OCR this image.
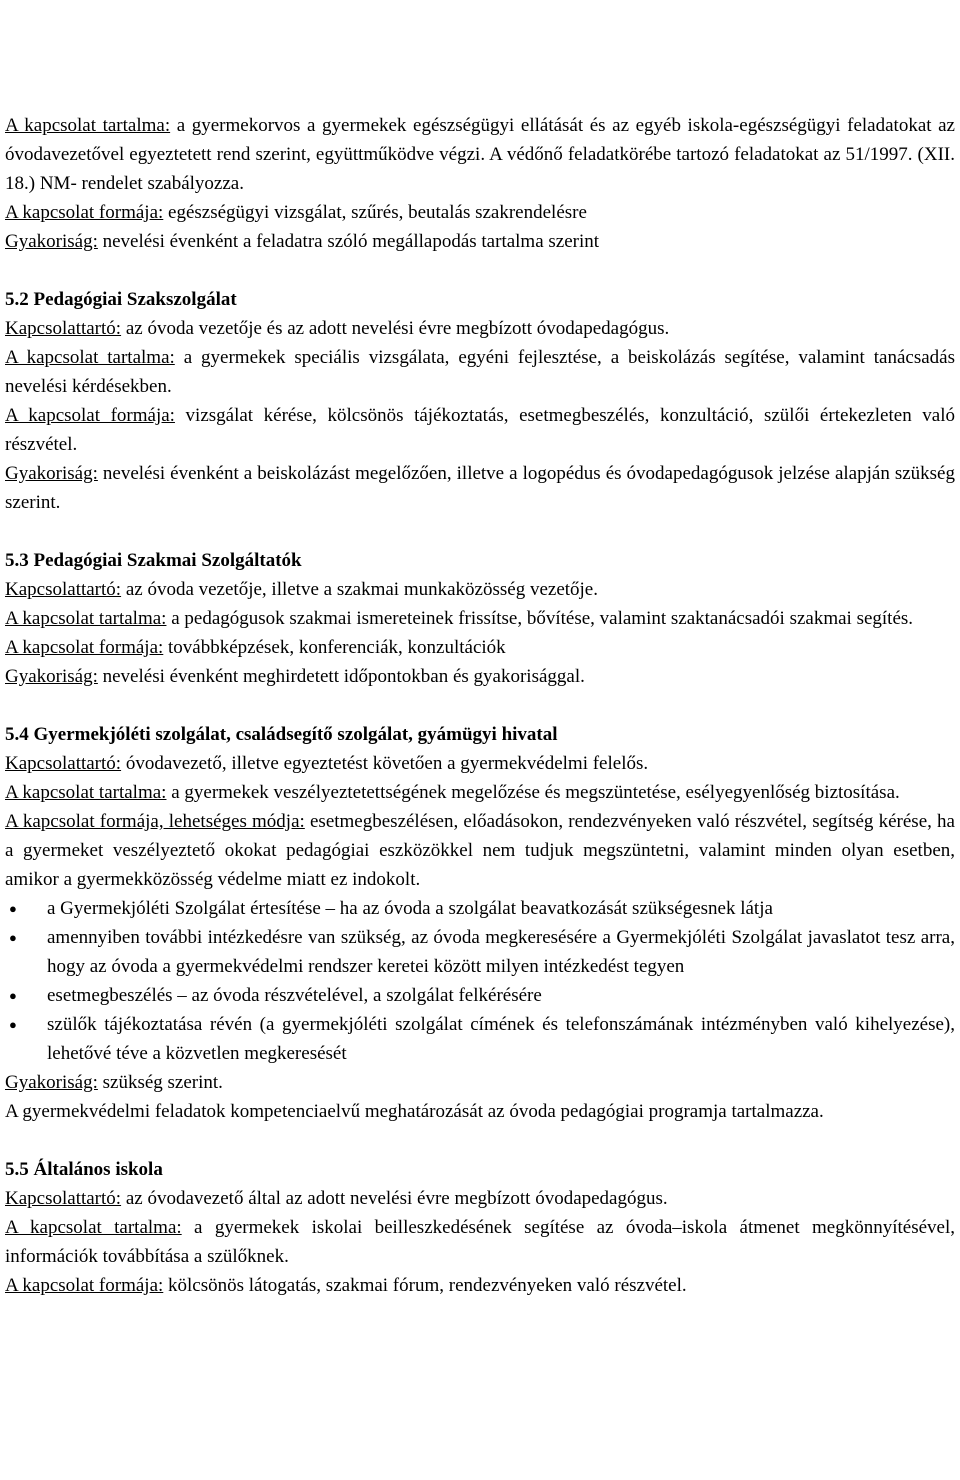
Szervezeti és Működési Szabályzat
Aszódi Napsugár Óvoda
OM:032834

A kapcsolat tartalma: a gyermekorvos a gyermekek egészségügyi ellátását és az egyéb iskola-egészségügyi feladatokat az óvodavezetővel egyeztetett rend szerint, együttműködve végzi. A védőnő feladatkörébe tartozó feladatokat az 51/1997. (XII. 18.) NM- rendelet szabályozza.

A kapcsolat formája: egészségügyi vizsgálat, szűrés, beutalás szakrendelésre

Gyakoriság: nevelési évenként a feladatra szóló megállapodás tartalma szerint

5.2 Pedagógiai Szakszolgálat

Kapcsolattartó: az óvoda vezetője és az adott nevelési évre megbízott óvodapedagógus.

A kapcsolat tartalma: a gyermekek speciális vizsgálata, egyéni fejlesztése, a beiskolázás segítése, valamint tanácsadás nevelési kérdésekben.

A kapcsolat formája: vizsgálat kérése, kölcsönös tájékoztatás, esetmegbeszélés, konzultáció, szülői értekezleten való részvétel.

Gyakoriság: nevelési évenként a beiskolázást megelőzően, illetve a logopédus és óvodapedagógusok jelzése alapján szükség szerint.

5.3 Pedagógiai Szakmai Szolgáltatók

Kapcsolattartó: az óvoda vezetője, illetve a szakmai munkaközösség vezetője.

A kapcsolat tartalma: a pedagógusok szakmai ismereteinek frissítse, bővítése, valamint szaktanácsadói szakmai segítés.

A kapcsolat formája: továbbképzések, konferenciák, konzultációk

Gyakoriság: nevelési évenként meghirdetett időpontokban és gyakorisággal.

5.4 Gyermekjóléti szolgálat, családsegítő szolgálat, gyámügyi hivatal

Kapcsolattartó: óvodavezető, illetve egyeztetést követően a gyermekvédelmi felelős.

A kapcsolat tartalma: a gyermekek veszélyeztetettségének megelőzése és megszüntetése, esélyegyenlőség biztosítása.

A kapcsolat formája, lehetséges módja: esetmegbeszélésen, előadásokon, rendezvényeken való részvétel, segítség kérése, ha a gyermeket veszélyeztető okokat pedagógiai eszközökkel nem tudjuk megszüntetni, valamint minden olyan esetben, amikor a gyermekközösség védelme miatt ez indokolt.

● a Gyermekjóléti Szolgálat értesítése – ha az óvoda a szolgálat beavatkozását szükségesnek látja
● amennyiben további intézkedésre van szükség, az óvoda megkeresésére a Gyermekjóléti Szolgálat javaslatot tesz arra, hogy az óvoda a gyermekvédelmi rendszer keretei között milyen intézkedést tegyen
● esetmegbeszélés – az óvoda részvételével, a szolgálat felkérésére
● szülők tájékoztatása révén (a gyermekjóléti szolgálat címének és telefonszámának intézményben való kihelyezése), lehetővé téve a közvetlen megkeresését

Gyakoriság: szükség szerint.

A gyermekvédelmi feladatok kompetenciaelvű meghatározását az óvoda pedagógiai programja tartalmazza.

5.5 Általános iskola

Kapcsolattartó: az óvodavezető által az adott nevelési évre megbízott óvodapedagógus.

A kapcsolat tartalma: a gyermekek iskolai beilleszkedésének segítése az óvoda–iskola átmenet megkönnyítésével, információk továbbítása a szülőknek.

A kapcsolat formája: kölcsönös látogatás, szakmai fórum, rendezvényeken való részvétel.
